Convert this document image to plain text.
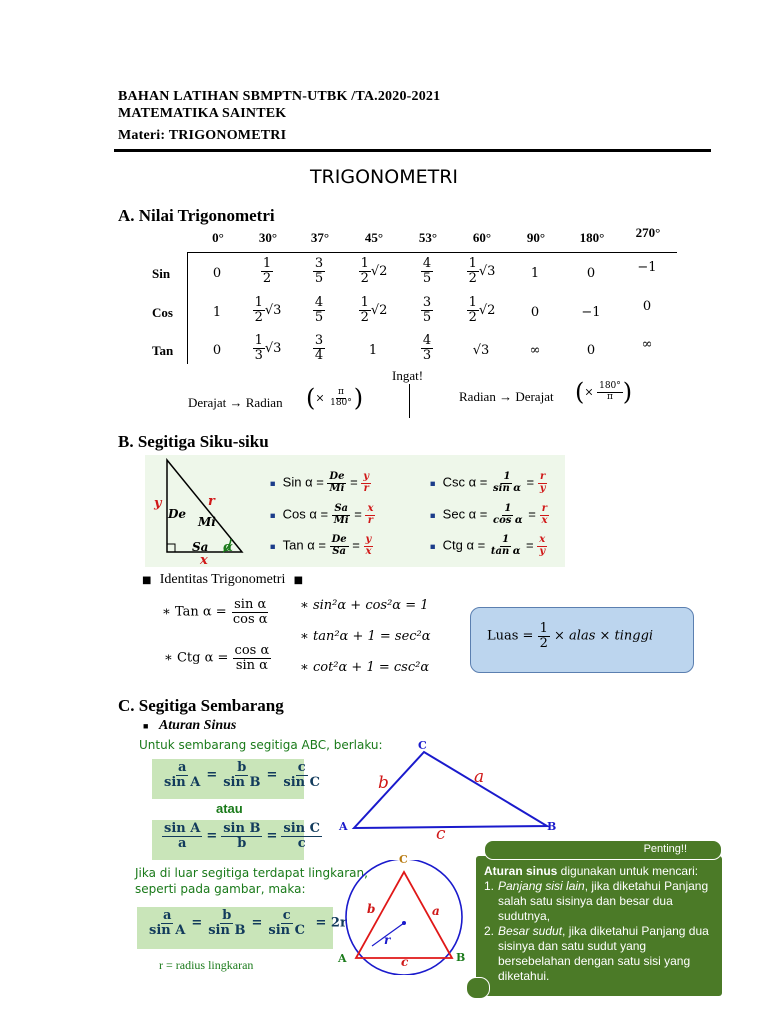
BAHAN LATIHAN SBMPTN-UTBK /TA.2020-2021
MATEMATIKA SAINTEK
Materi: TRIGONOMETRI
TRIGONOMETRI
A. Nilai Trigonometri
0°	30°	37°	45°	53°	60°	90°	180°	270°
Sin	0	$\frac{1}{2}$	$\frac{3}{5}$	$\frac{1}{2} √2$	$\frac{4}{5}$	$\frac{1}{2} √3$	1	0	−1
Cos	1	$\frac{1}{2} √3$	$\frac{4}{5}$	$\frac{1}{2} √2$	$\frac{3}{5}$	$\frac{1}{2} √2$	0	−1	0
Tan	0	$\frac{1}{3} √3$	$\frac{3}{4}$	1	$\frac{4}{3}$	√3	∞	0	∞
Ingat!
Derajat → Radian (× $\frac{\pi}{180^\circ}$ )	Radian → Derajat (× $\frac{180^\circ}{\pi}$ )
B. Segitiga Siku-siku
y	r
x
De
Mi
Sa α
■ Sin $\alpha = \frac{De}{Mi} = \frac{y}{r}$
■ Cos $\alpha = \frac{Sa}{Mi} = \frac{x}{r}$
■ Tan $\alpha = \frac{De}{Sa} = \frac{y}{x}$
■ Csc $\alpha = \frac{1}{\text{sin α}} = \frac{r}{y}$
■ Sec $\alpha = \frac{1}{\text{cos α}} = \frac{r}{x}$
■ Ctg $\alpha = \frac{1}{\text{tan α}} = \frac{x}{y}$
■ Identitas Trigonometri ■
∗ Tan $\alpha = \frac{\text{sin α}}{\text{cos α}}$
∗ Ctg $\alpha = \frac{\text{cos α}}{\text{sin α}}$
∗ sin²α + cos²α = 1
∗ tan²α + 1 = sec²α
∗ cot²α + 1 = csc²α
Luas = $\frac{1}{2}$ × alas × tinggi
C. Segitiga Sembarang
■ Aturan Sinus
Untuk sembarang segitiga ABC, berlaku:
$\frac{a}{\text{sin A}} = \frac{b}{\text{sin B}} = \frac{c}{\text{sin C}}$
atau
$\frac{\text{sin A}}{a} = \frac{\text{sin B}}{b} = \frac{\text{sin C}}{c}$
Jika di luar segitiga terdapat lingkaran,
seperti pada gambar, maka:
$\frac{a}{\text{sin A}} = \frac{b}{\text{sin B}} = \frac{c}{\text{sin C}} = 2r$
r = radius lingkaran
C
A	B
b	a
c
C
A	B
b	a
c
r
Aturan sinus digunakan untuk mencari:
1. Panjang sisi lain, jika diketahui Panjang salah satu sisinya dan besar dua sudutnya,
2. Besar sudut, jika diketahui Panjang dua sisinya dan satu sudut yang bersebelahan dengan satu sisi yang diketahui.
Penting!!
